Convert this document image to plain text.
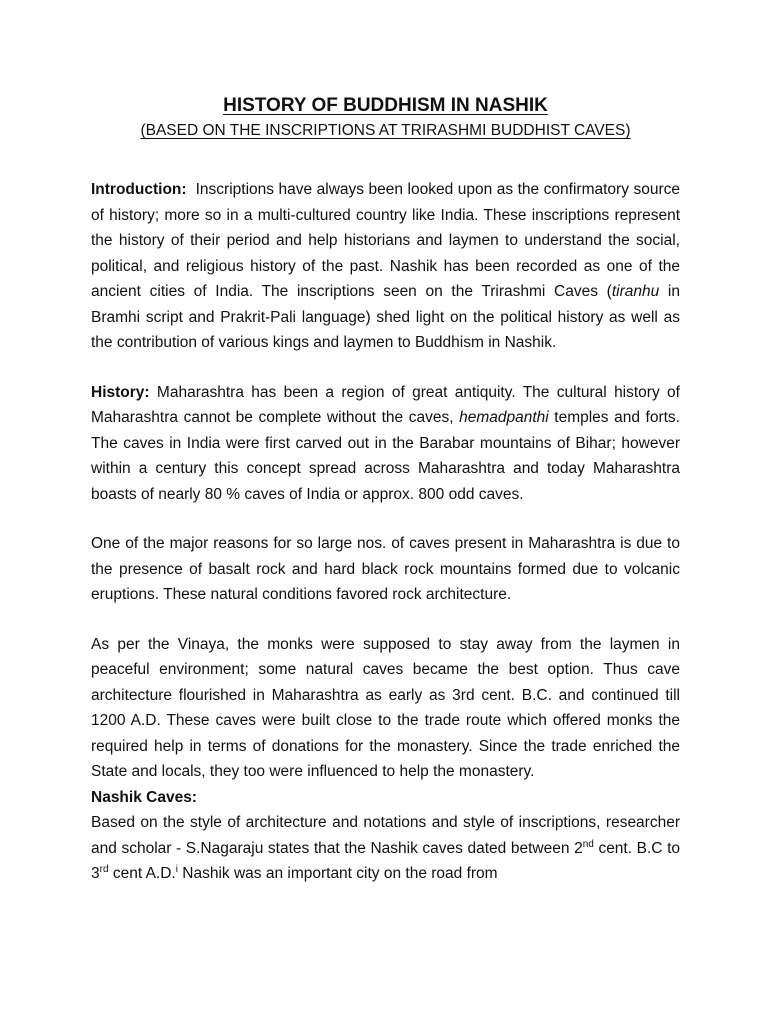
HISTORY OF BUDDHISM IN NASHIK
(BASED ON THE INSCRIPTIONS AT TRIRASHMI BUDDHIST CAVES)

Introduction: Inscriptions have always been looked upon as the confirmatory source of history; more so in a multi-cultured country like India. These inscriptions represent the history of their period and help historians and laymen to understand the social, political, and religious history of the past. Nashik has been recorded as one of the ancient cities of India. The inscriptions seen on the Trirashmi Caves (tiranhu in Bramhi script and Prakrit-Pali language) shed light on the political history as well as the contribution of various kings and laymen to Buddhism in Nashik.

History: Maharashtra has been a region of great antiquity. The cultural history of Maharashtra cannot be complete without the caves, hemadpanthi temples and forts. The caves in India were first carved out in the Barabar mountains of Bihar; however within a century this concept spread across Maharashtra and today Maharashtra boasts of nearly 80 % caves of India or approx. 800 odd caves.

One of the major reasons for so large nos. of caves present in Maharashtra is due to the presence of basalt rock and hard black rock mountains formed due to volcanic eruptions. These natural conditions favored rock architecture.

As per the Vinaya, the monks were supposed to stay away from the laymen in peaceful environment; some natural caves became the best option. Thus cave architecture flourished in Maharashtra as early as 3rd cent. B.C. and continued till 1200 A.D. These caves were built close to the trade route which offered monks the required help in terms of donations for the monastery. Since the trade enriched the State and locals, they too were influenced to help the monastery.

Nashik Caves:

Based on the style of architecture and notations and style of inscriptions, researcher and scholar - S.Nagaraju states that the Nashik caves dated between 2nd cent. B.C to 3rd cent A.D.$^i$ Nashik was an important city on the road from
